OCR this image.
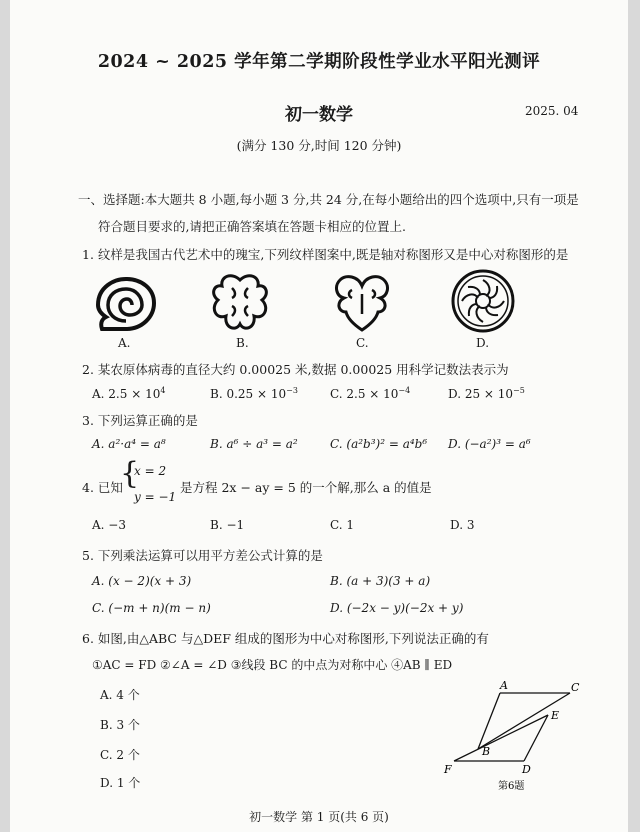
2024 ~ 2025 学年第二学期阶段性学业水平阳光测评
初一数学	2025. 04
(满分 130 分,时间 120 分钟)
一、选择题:本大题共 8 小题,每小题 3 分,共 24 分,在每小题给出的四个选项中,只有一项是
符合题目要求的,请把正确答案填在答题卡相应的位置上.
1. 纹样是我国古代艺术中的瑰宝,下列纹样图案中,既是轴对称图形又是中心对称图形的是
A.	B.	C.	D.
2. 某农原体病毒的直径大约 0.00025 米,数据 0.00025 用科学记数法表示为
A. $2.5 \times 10^4$	B. $0.25 \times 10^{-3}$	C. $2.5 \times 10^{-4}$	D. $25 \times 10^{-5}$
3. 下列运算正确的是
A. a²·a⁴ = a⁸	B. a⁶ ÷ a³ = a²	C. (a²b³)² = a⁴b⁶ D. (−a²)³ = a⁶
4. 已知
{
x = 2
y = −1
是方程 2x − ay = 5 的一个解,那么 a 的值是
A. −3	B. −1	C. 1	D. 3
5. 下列乘法运算可以用平方差公式计算的是
A. (x − 2)(x + 3)	B. (a + 3)(3 + a)
C. (−m + n)(m − n)	D. (−2x − y)(−2x + y)
6. 如图,由△ABC 与△DEF 组成的图形为中心对称图形,下列说法正确的有
①AC = FD ②∠A = ∠D ③线段 BC 的中点为对称中心 ④AB ∥ ED
A. 4 个
B. 3 个
C. 2 个
D. 1 个
A	C
E
B
F	D
第6题
初一数学 第 1 页(共 6 页)
